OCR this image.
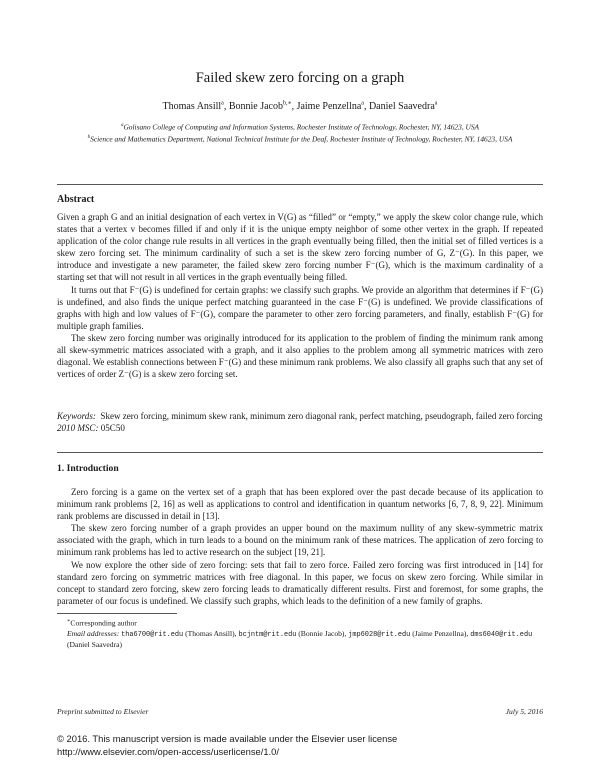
Failed skew zero forcing on a graph
Thomas Ansill$^a$, Bonnie Jacob$^{b,∗}$, Jaime Penzellna$^a$, Daniel Saavedra$^a$
$^a$Golisano College of Computing and Information Systems, Rochester Institute of Technology, Rochester, NY, 14623, USA
$^b$Science and Mathematics Department, National Technical Institute for the Deaf, Rochester Institute of Technology, Rochester, NY, 14623, USA
Abstract

Given a graph G and an initial designation of each vertex in V(G) as “filled” or “empty,” we apply the skew color change rule, which states that a vertex v becomes filled if and only if it is the unique empty neighbor of some other vertex in the graph. If repeated application of the color change rule results in all vertices in the graph eventually being filled, then the initial set of filled vertices is a skew zero forcing set. The minimum cardinality of such a set is the skew zero forcing number of G, Z⁻(G). In this paper, we introduce and investigate a new parameter, the failed skew zero forcing number F⁻(G), which is the maximum cardinality of a starting set that will not result in all vertices in the graph eventually being filled.

It turns out that F⁻(G) is undefined for certain graphs: we classify such graphs. We provide an algorithm that determines if F⁻(G) is undefined, and also finds the unique perfect matching guaranteed in the case F⁻(G) is undefined. We provide classifications of graphs with high and low values of F⁻(G), compare the parameter to other zero forcing parameters, and finally, establish F⁻(G) for multiple graph families.

The skew zero forcing number was originally introduced for its application to the problem of finding the minimum rank among all skew-symmetric matrices associated with a graph, and it also applies to the problem among all symmetric matrices with zero diagonal. We establish connections between F⁻(G) and these minimum rank problems. We also classify all graphs such that any set of vertices of order Z⁻(G) is a skew zero forcing set.

Keywords: Skew zero forcing, minimum skew rank, minimum zero diagonal rank, perfect matching, pseudograph, failed zero forcing
2010 MSC: 05C50
1. Introduction

Zero forcing is a game on the vertex set of a graph that has been explored over the past decade because of its application to minimum rank problems [2, 16] as well as applications to control and identification in quantum networks [6, 7, 8, 9, 22]. Minimum rank problems are discussed in detail in [13].

The skew zero forcing number of a graph provides an upper bound on the maximum nullity of any skew-symmetric matrix associated with the graph, which in turn leads to a bound on the minimum rank of these matrices. The application of zero forcing to minimum rank problems has led to active research on the subject [19, 21].

We now explore the other side of zero forcing: sets that fail to zero force. Failed zero forcing was first introduced in [14] for standard zero forcing on symmetric matrices with free diagonal. In this paper, we focus on skew zero forcing. While similar in concept to standard zero forcing, skew zero forcing leads to dramatically different results. First and foremost, for some graphs, the parameter of our focus is undefined. We classify such graphs, which leads to the definition of a new family of graphs.

∗Corresponding author
Email addresses: tha6700@rit.edu (Thomas Ansill), bcjntm@rit.edu (Bonnie Jacob), jmp6028@rit.edu (Jaime Penzellna), dms6040@rit.edu (Daniel Saavedra)
Preprint submitted to Elsevier	July 5, 2016
© 2016. This manuscript version is made available under the Elsevier user license
http://www.elsevier.com/open-access/userlicense/1.0/
